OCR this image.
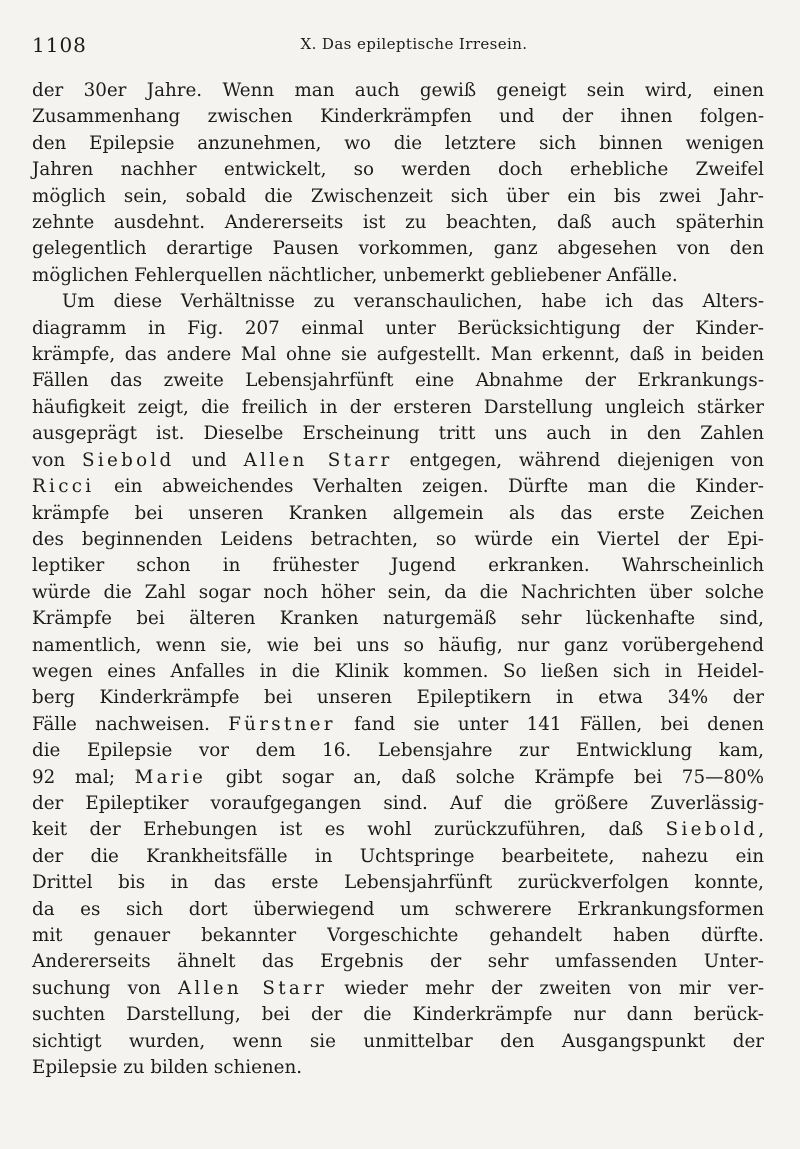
1108	X. Das epileptische Irresein.
der 30er Jahre. Wenn man auch gewiß geneigt sein wird, einen
Zusammenhang zwischen Kinderkrämpfen und der ihnen folgen-
den Epilepsie anzunehmen, wo die letztere sich binnen wenigen
Jahren nachher entwickelt, so werden doch erhebliche Zweifel
möglich sein, sobald die Zwischenzeit sich über ein bis zwei Jahr-
zehnte ausdehnt. Andererseits ist zu beachten, daß auch späterhin
gelegentlich derartige Pausen vorkommen, ganz abgesehen von den
möglichen Fehlerquellen nächtlicher, unbemerkt gebliebener Anfälle.
Um diese Verhältnisse zu veranschaulichen, habe ich das Alters-
diagramm in Fig. 207 einmal unter Berücksichtigung der Kinder-
krämpfe, das andere Mal ohne sie aufgestellt. Man erkennt, daß in beiden
Fällen das zweite Lebensjahrfünft eine Abnahme der Erkrankungs-
häufigkeit zeigt, die freilich in der ersteren Darstellung ungleich stärker
ausgeprägt ist. Dieselbe Erscheinung tritt uns auch in den Zahlen
von Siebold und Allen Starr entgegen, während diejenigen von
Ricci ein abweichendes Verhalten zeigen. Dürfte man die Kinder-
krämpfe bei unseren Kranken allgemein als das erste Zeichen
des beginnenden Leidens betrachten, so würde ein Viertel der Epi-
leptiker schon in frühester Jugend erkranken. Wahrscheinlich
würde die Zahl sogar noch höher sein, da die Nachrichten über solche
Krämpfe bei älteren Kranken naturgemäß sehr lückenhafte sind,
namentlich, wenn sie, wie bei uns so häufig, nur ganz vorübergehend
wegen eines Anfalles in die Klinik kommen. So ließen sich in Heidel-
berg Kinderkrämpfe bei unseren Epileptikern in etwa 34% der
Fälle nachweisen. Fürstner fand sie unter 141 Fällen, bei denen
die Epilepsie vor dem 16. Lebensjahre zur Entwicklung kam,
92 mal; Marie gibt sogar an, daß solche Krämpfe bei 75—80%
der Epileptiker voraufgegangen sind. Auf die größere Zuverlässig-
keit der Erhebungen ist es wohl zurückzuführen, daß Siebold,
der die Krankheitsfälle in Uchtspringe bearbeitete, nahezu ein
Drittel bis in das erste Lebensjahrfünft zurückverfolgen konnte,
da es sich dort überwiegend um schwerere Erkrankungsformen
mit genauer bekannter Vorgeschichte gehandelt haben dürfte.
Andererseits ähnelt das Ergebnis der sehr umfassenden Unter-
suchung von Allen Starr wieder mehr der zweiten von mir ver-
suchten Darstellung, bei der die Kinderkrämpfe nur dann berück-
sichtigt wurden, wenn sie unmittelbar den Ausgangspunkt der
Epilepsie zu bilden schienen.
